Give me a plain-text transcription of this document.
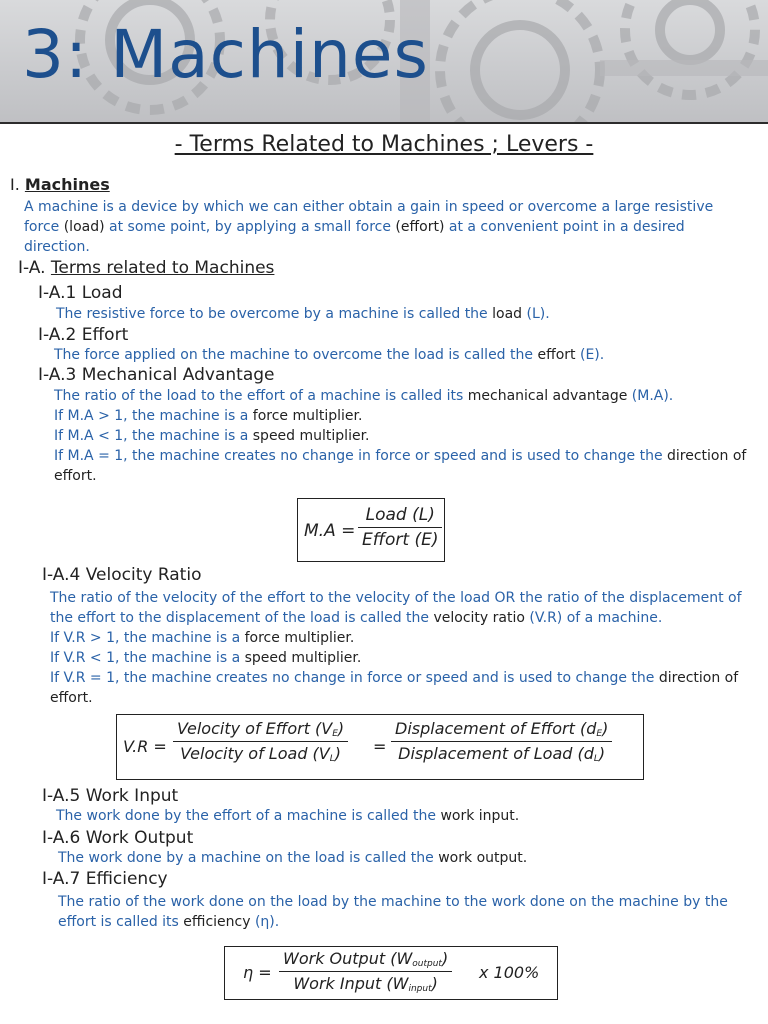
3: Machines
- Terms Related to Machines ; Levers -
I. Machines
A machine is a device by which we can either obtain a gain in speed or overcome a large resistive
force (load) at some point, by applying a small force (effort) at a convenient point in a desired
direction.
I-A. Terms related to Machines
I-A.1 Load
The resistive force to be overcome by a machine is called the load (L).
I-A.2 Effort
The force applied on the machine to overcome the load is called the effort (E).
I-A.3 Mechanical Advantage
The ratio of the load to the effort of a machine is called its mechanical advantage (M.A).
If M.A > 1, the machine is a force multiplier.
If M.A < 1, the machine is a speed multiplier.
If M.A = 1, the machine creates no change in force or speed and is used to change the direction of
effort.
M.A =
Load (L)
Effort (E)
I-A.4 Velocity Ratio
The ratio of the velocity of the effort to the velocity of the load OR the ratio of the displacement of
the effort to the displacement of the load is called the velocity ratio (V.R) of a machine.
If V.R > 1, the machine is a force multiplier.
If V.R < 1, the machine is a speed multiplier.
If V.R = 1, the machine creates no change in force or speed and is used to change the direction of
effort.
V.R =
Velocity of Effort $(V_E)$
Velocity of Load $(V_L)$	=
Displacement of Effort $(d_E)$
Displacement of Load $(d_L)$
I-A.5 Work Input
The work done by the effort of a machine is called the work input.
I-A.6 Work Output
The work done by a machine on the load is called the work output.
I-A.7 Efficiency
The ratio of the work done on the load by the machine to the work done on the machine by the
effort is called its efficiency (η).
η =
Work Output $(W_{output})$
Work Input $(W_{input})$
x 100%
